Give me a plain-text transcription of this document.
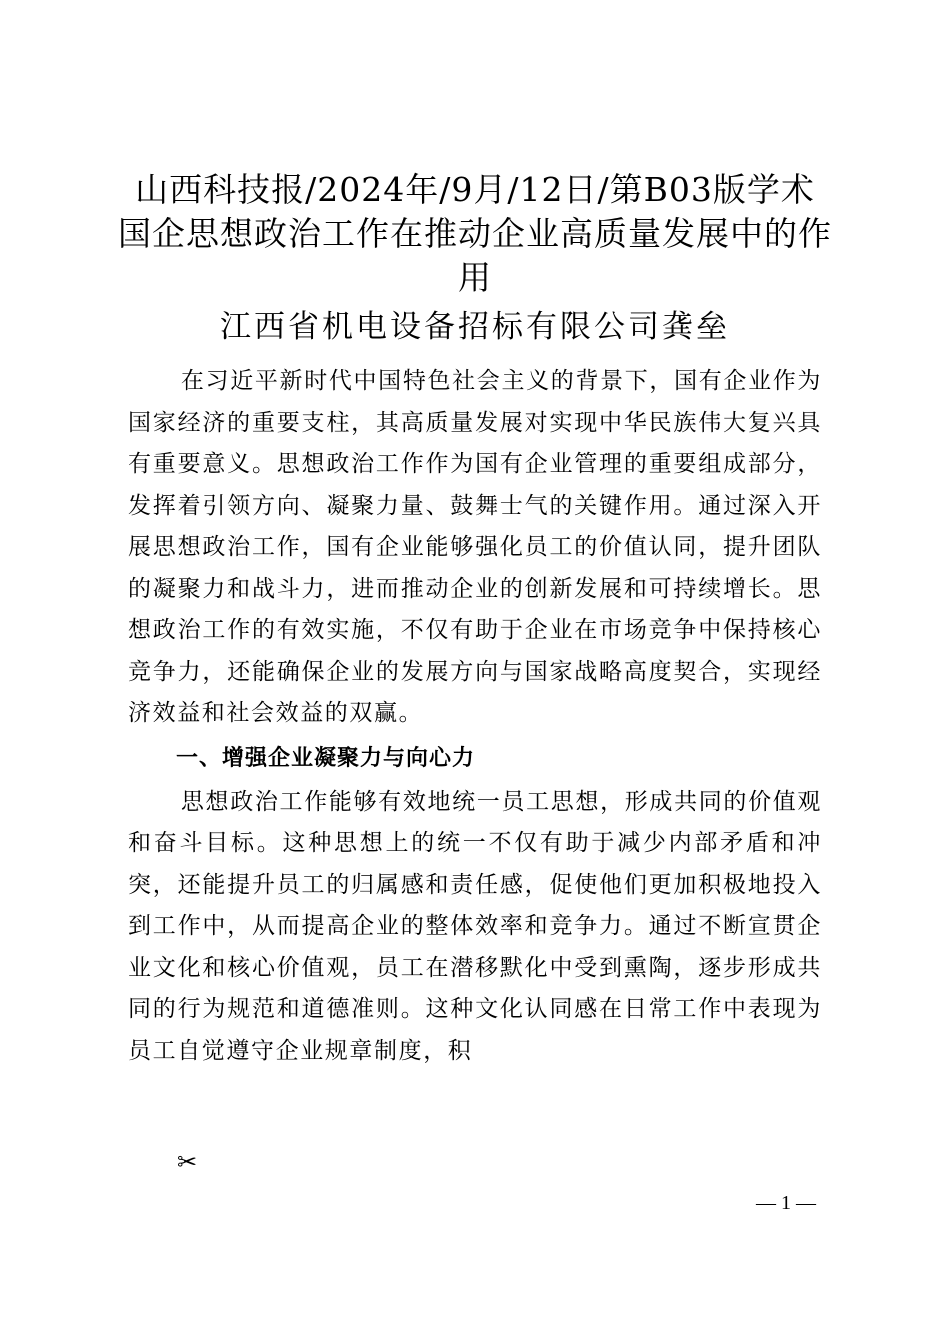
山西科技报/2024年/9月/12日/第B03版学术
国企思想政治工作在推动企业高质量发展中的作用
江西省机电设备招标有限公司龚垒

在习近平新时代中国特色社会主义的背景下，国有企业作为国家经济的重要支柱，其高质量发展对实现中华民族伟大复兴具有重要意义。思想政治工作作为国有企业管理的重要组成部分，发挥着引领方向、凝聚力量、鼓舞士气的关键作用。通过深入开展思想政治工作，国有企业能够强化员工的价值认同，提升团队的凝聚力和战斗力，进而推动企业的创新发展和可持续增长。思想政治工作的有效实施，不仅有助于企业在市场竞争中保持核心竞争力，还能确保企业的发展方向与国家战略高度契合，实现经济效益和社会效益的双赢。

一、增强企业凝聚力与向心力

思想政治工作能够有效地统一员工思想，形成共同的价值观和奋斗目标。这种思想上的统一不仅有助于减少内部矛盾和冲突，还能提升员工的归属感和责任感，促使他们更加积极地投入到工作中，从而提高企业的整体效率和竞争力。通过不断宣贯企业文化和核心价值观，员工在潜移默化中受到熏陶，逐步形成共同的行为规范和道德准则。这种文化认同感在日常工作中表现为员工自觉遵守企业规章制度，积

✂
— 1 —
